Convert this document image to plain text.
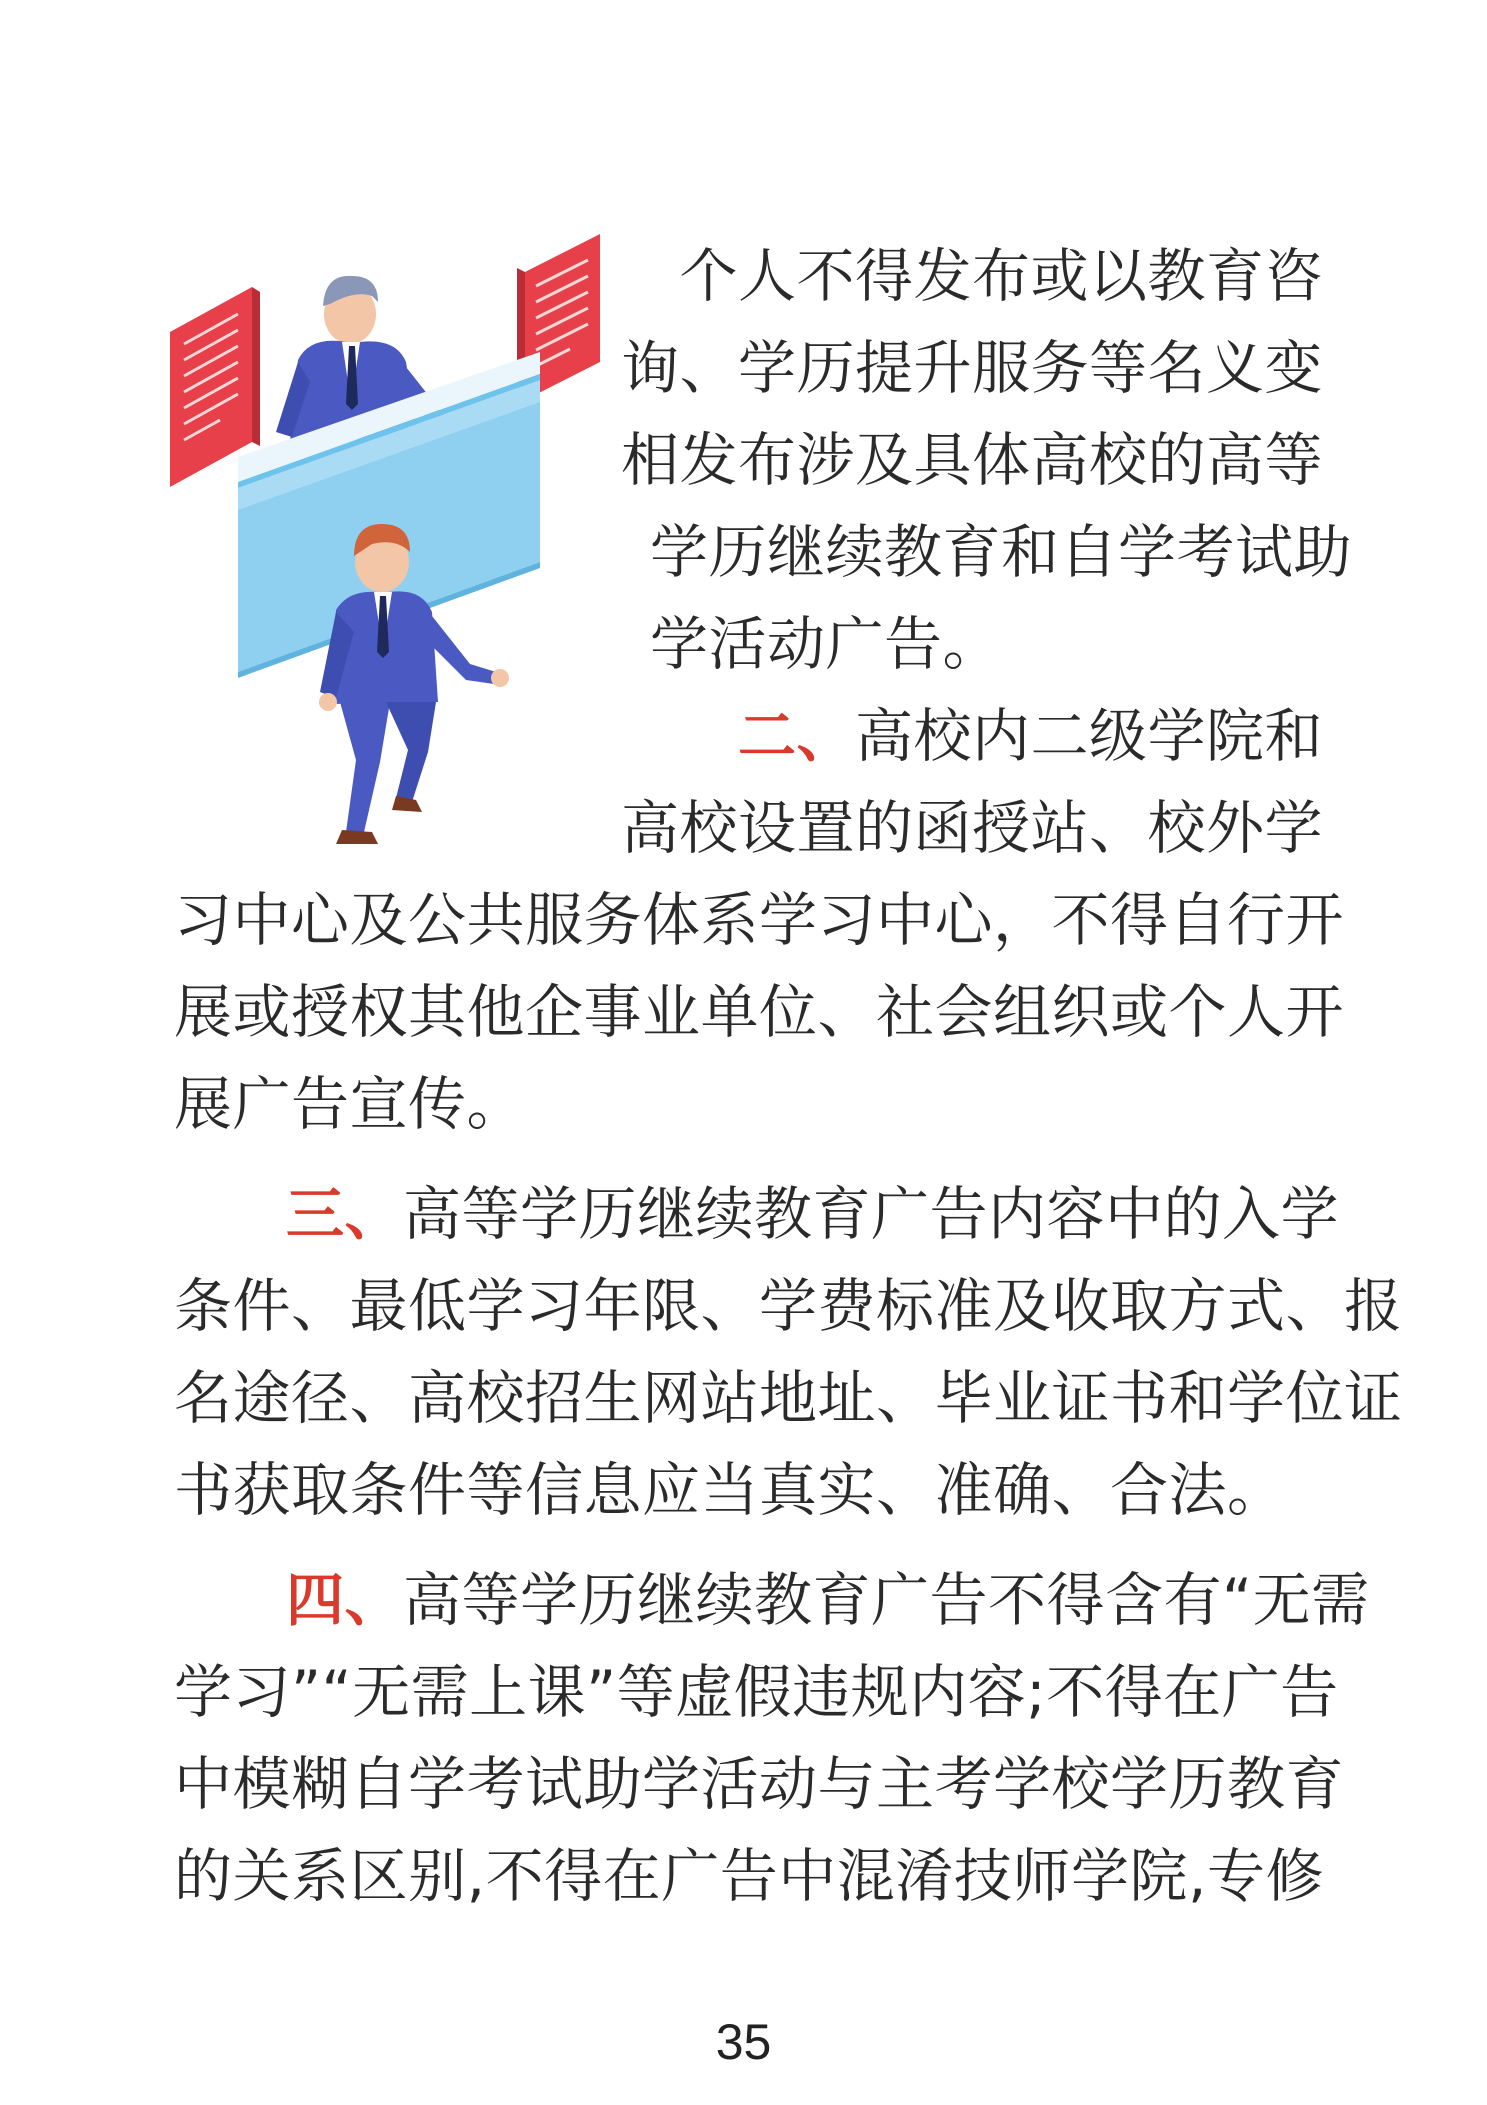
个人不得发布或以教育咨
询、学历提升服务等名义变
相发布涉及具体高校的高等
学历继续教育和自学考试助
学活动广告。
二、高校内二级学院和
高校设置的函授站、校外学
习中心及公共服务体系学习中心，不得自行开
展或授权其他企事业单位、社会组织或个人开
展广告宣传。
三、高等学历继续教育广告内容中的入学
条件、最低学习年限、学费标准及收取方式、报
名途径、高校招生网站地址、毕业证书和学位证
书获取条件等信息应当真实、准确、合法。
四、高等学历继续教育广告不得含有“无需
学习”“无需上课”等虚假违规内容;不得在广告
中模糊自学考试助学活动与主考学校学历教育
的关系区别,不得在广告中混淆技师学院,专修
35
